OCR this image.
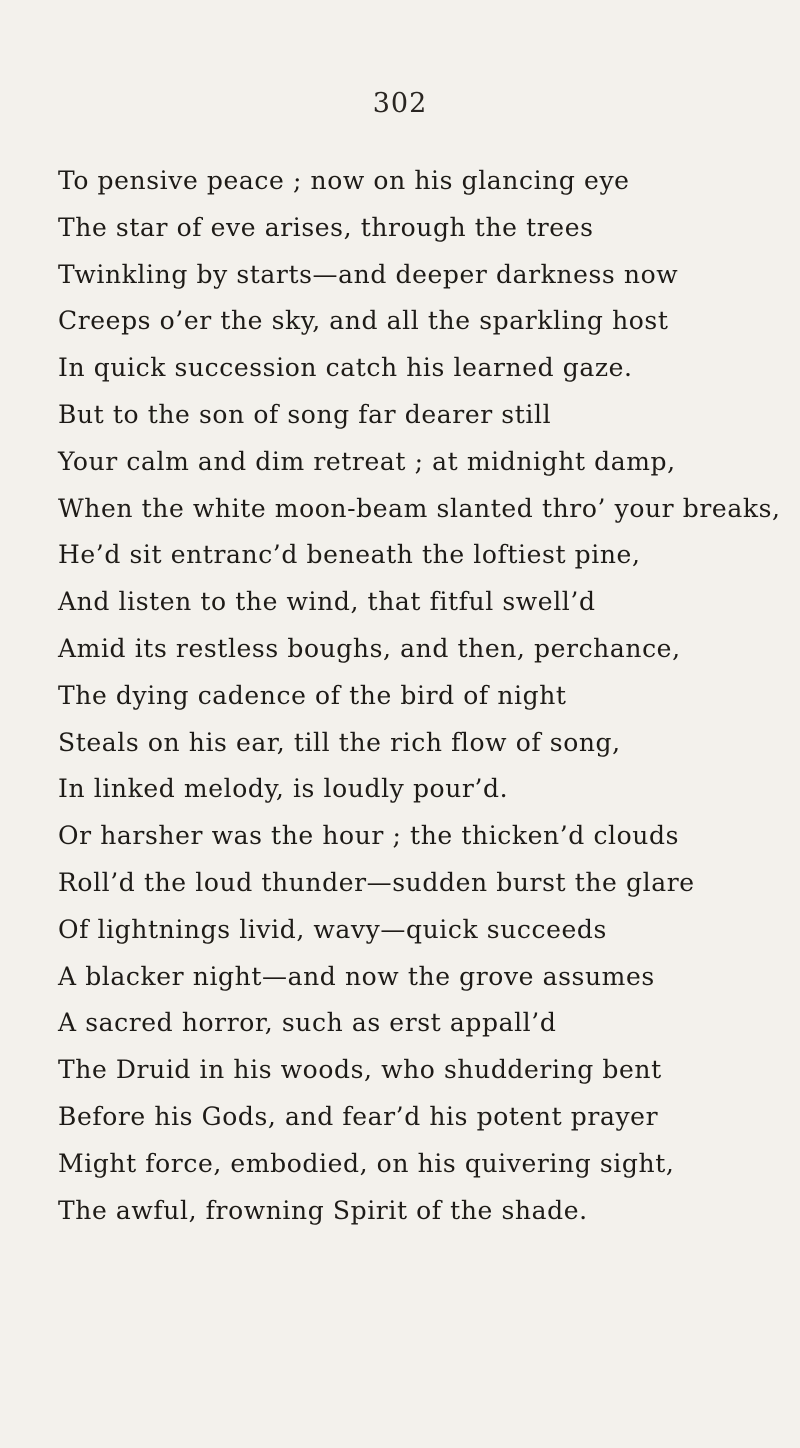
302
To pensive peace ; now on his glancing eye
The star of eve arises, through the trees
Twinkling by starts—and deeper darkness now
Creeps o’er the sky, and all the sparkling host
In quick succession catch his learned gaze.
But to the son of song far dearer still
Your calm and dim retreat ; at midnight damp,
When the white moon-beam slanted thro’ your breaks,
He’d sit entranc’d beneath the loftiest pine,
And listen to the wind, that fitful swell’d
Amid its restless boughs, and then, perchance,
The dying cadence of the bird of night
Steals on his ear, till the rich flow of song,
In linked melody, is loudly pour’d.
Or harsher was the hour ; the thicken’d clouds
Roll’d the loud thunder—sudden burst the glare
Of lightnings livid, wavy—quick succeeds
A blacker night—and now the grove assumes
A sacred horror, such as erst appall’d
The Druid in his woods, who shuddering bent
Before his Gods, and fear’d his potent prayer
Might force, embodied, on his quivering sight,
The awful, frowning Spirit of the shade.
